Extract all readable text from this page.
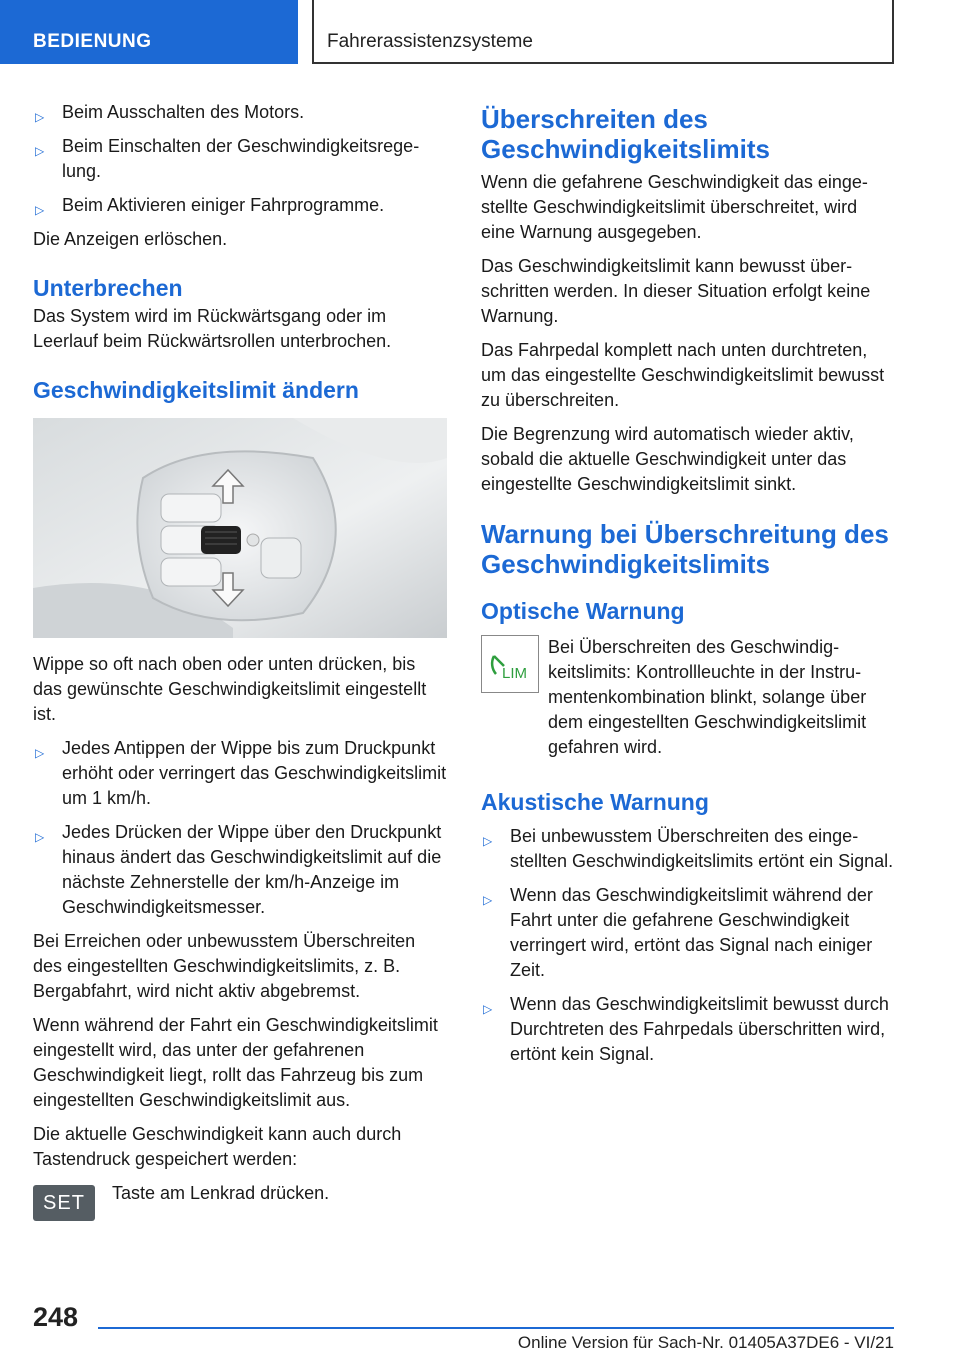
BEDIENUNG	Fahrerassistenzsysteme
▷ Beim Ausschalten des Motors.
▷ Beim Einschalten der Geschwindigkeitsregelung.
▷ Beim Aktivieren einiger Fahrprogramme.

Die Anzeigen erlöschen.

Unterbrechen

Das System wird im Rückwärtsgang oder im Leerlauf beim Rückwärtsrollen unterbrochen.

Geschwindigkeitslimit ändern

Wippe so oft nach oben oder unten drücken, bis das gewünschte Geschwindigkeitslimit eingestellt ist.

▷ Jedes Antippen der Wippe bis zum Druckpunkt erhöht oder verringert das Geschwindigkeitslimit um 1 km/h.
▷ Jedes Drücken der Wippe über den Druckpunkt hinaus ändert das Geschwindigkeitslimit auf die nächste Zehnerstelle der km/h-Anzeige im Geschwindigkeitsmesser.

Bei Erreichen oder unbewusstem Überschreiten des eingestellten Geschwindigkeitslimits, z. B. Bergabfahrt, wird nicht aktiv abgebremst.

Wenn während der Fahrt ein Geschwindigkeitslimit eingestellt wird, das unter der gefahrenen Geschwindigkeit liegt, rollt das Fahrzeug bis zum eingestellten Geschwindigkeitslimit aus.

Die aktuelle Geschwindigkeit kann auch durch Tastendruck gespeichert werden:

SET	Taste am Lenkrad drücken.

Überschreiten des Geschwindigkeitslimits

Wenn die gefahrene Geschwindigkeit das eingestellte Geschwindigkeitslimit überschreitet, wird eine Warnung ausgegeben.

Das Geschwindigkeitslimit kann bewusst überschritten werden. In dieser Situation erfolgt keine Warnung.

Das Fahrpedal komplett nach unten durchtreten, um das eingestellte Geschwindigkeitslimit bewusst zu überschreiten.

Die Begrenzung wird automatisch wieder aktiv, sobald die aktuelle Geschwindigkeit unter das eingestellte Geschwindigkeitslimit sinkt.

Warnung bei Überschreitung des Geschwindigkeitslimits
Optische Warnung
LIM

Bei Überschreiten des Geschwindigkeitslimits: Kontrollleuchte in der Instrumentenkombination blinkt, solange über dem eingestellten Geschwindigkeitslimit gefahren wird.

Akustische Warnung
▷ Bei unbewusstem Überschreiten des eingestellten Geschwindigkeitslimits ertönt ein Signal.
▷ Wenn das Geschwindigkeitslimit während der Fahrt unter die gefahrene Geschwindigkeit verringert wird, ertönt das Signal nach einiger Zeit.
▷ Wenn das Geschwindigkeitslimit bewusst durch Durchtreten des Fahrpedals überschritten wird, ertönt kein Signal.
248
Online Version für Sach-Nr. 01405A37DE6 - VI/21
